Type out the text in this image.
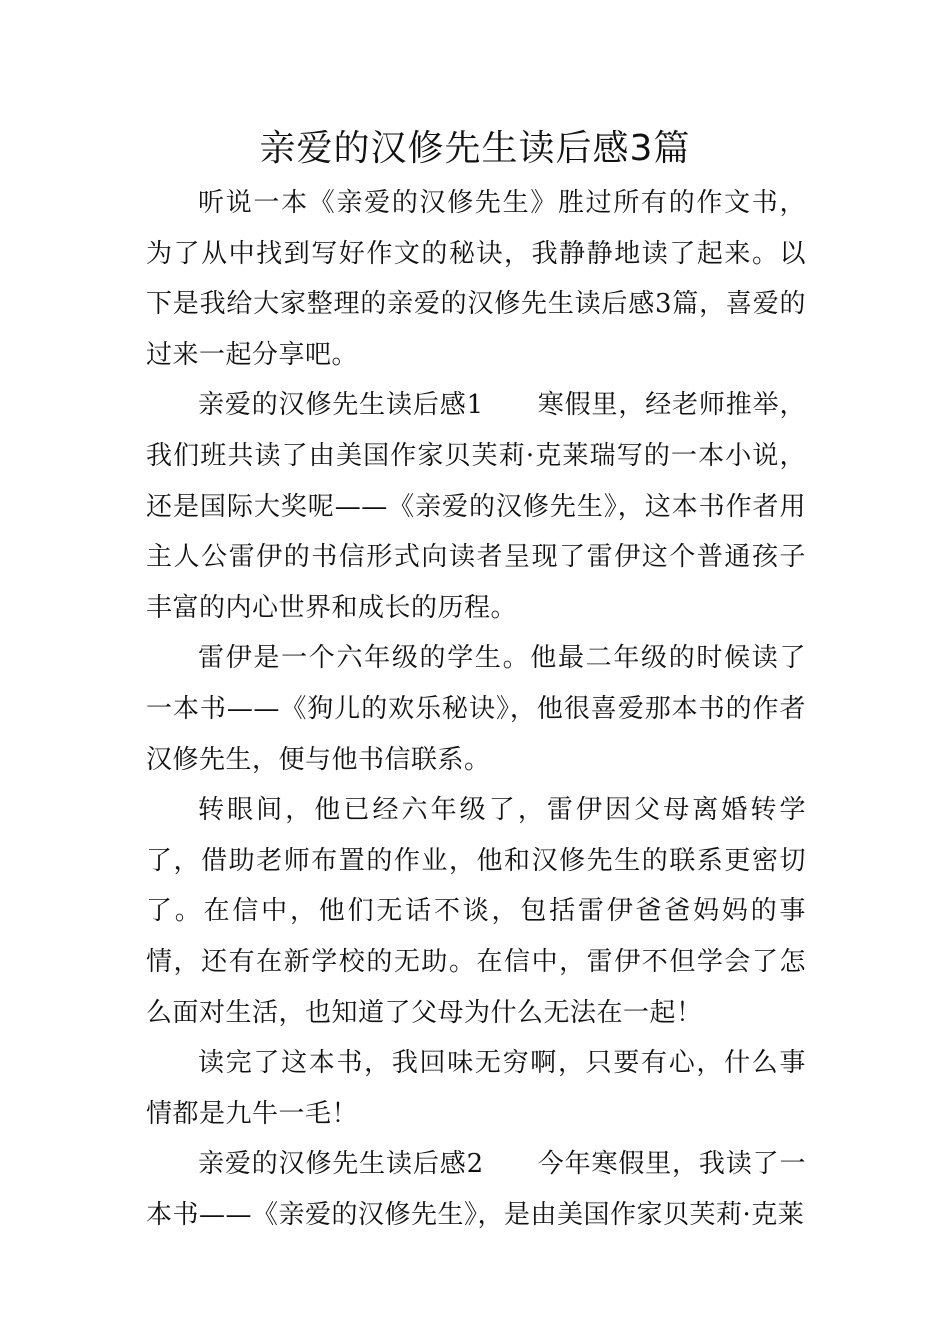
亲爱的汉修先生读后感3篇

听说一本《亲爱的汉修先生》胜过所有的作文书，为了从中找到写好作文的秘诀，我静静地读了起来。以下是我给大家整理的亲爱的汉修先生读后感3篇，喜爱的过来一起分享吧。

亲爱的汉修先生读后感1　　寒假里，经老师推举，我们班共读了由美国作家贝芙莉·克莱瑞写的一本小说，还是国际大奖呢——《亲爱的汉修先生》，这本书作者用主人公雷伊的书信形式向读者呈现了雷伊这个普通孩子丰富的内心世界和成长的历程。

雷伊是一个六年级的学生。他最二年级的时候读了一本书——《狗儿的欢乐秘诀》，他很喜爱那本书的作者汉修先生，便与他书信联系。

转眼间，他已经六年级了，雷伊因父母离婚转学了，借助老师布置的作业，他和汉修先生的联系更密切了。在信中，他们无话不谈，包括雷伊爸爸妈妈的事情，还有在新学校的无助。在信中，雷伊不但学会了怎么面对生活，也知道了父母为什么无法在一起！

读完了这本书，我回味无穷啊，只要有心，什么事情都是九牛一毛！

亲爱的汉修先生读后感2　　今年寒假里，我读了一本书——《亲爱的汉修先生》，是由美国作家贝芙莉·克莱
